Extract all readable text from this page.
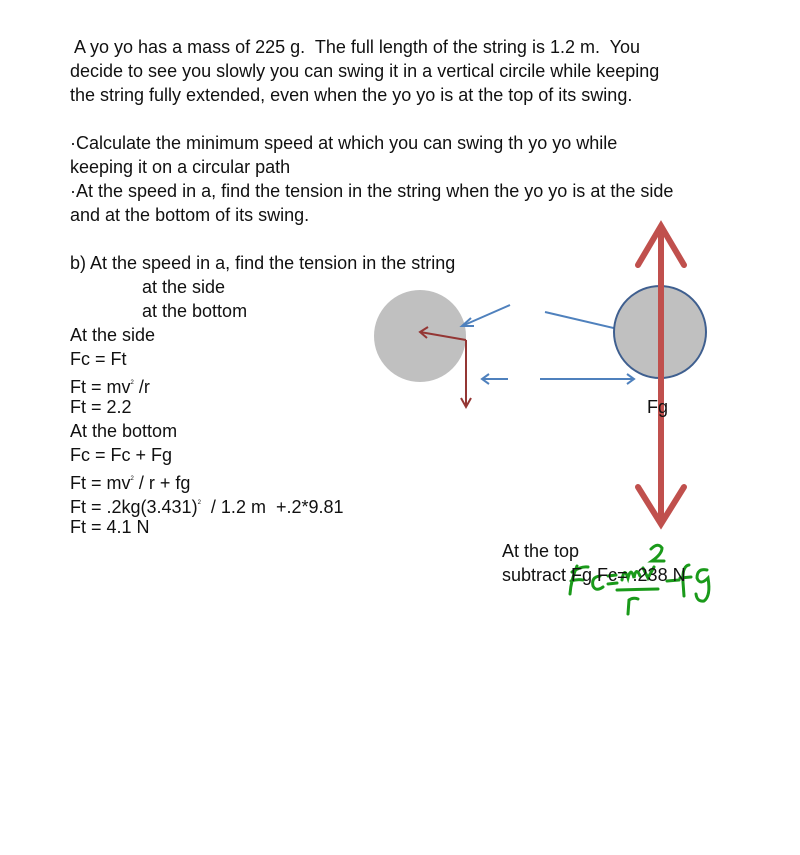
A yo yo has a mass of 225 g.  The full length of the string is 1.2 m.  You
decide to see you slowly you can swing it in a vertical circile while keeping
the string fully extended, even when the yo yo is at the top of its swing.
·Calculate the minimum speed at which you can swing th yo yo while
keeping it on a circular path
·At the speed in a, find the tension in the string when the yo yo is at the side
and at the bottom of its swing.
b) At the speed in a, find the tension in the string
at the side
at the bottom
At the side
Fc = Ft
$Ft = mv^2$ /r
Ft = 2.2
At the bottom
Fc = Fc + Fg
$Ft = mv^2 / r$ + fg
$Ft = .2kg(3.431)^2 / 1.2$ m  +.2*9.81
Ft = 4.1 N
Fg
At the top
subtract Fg Fc= .238 N
